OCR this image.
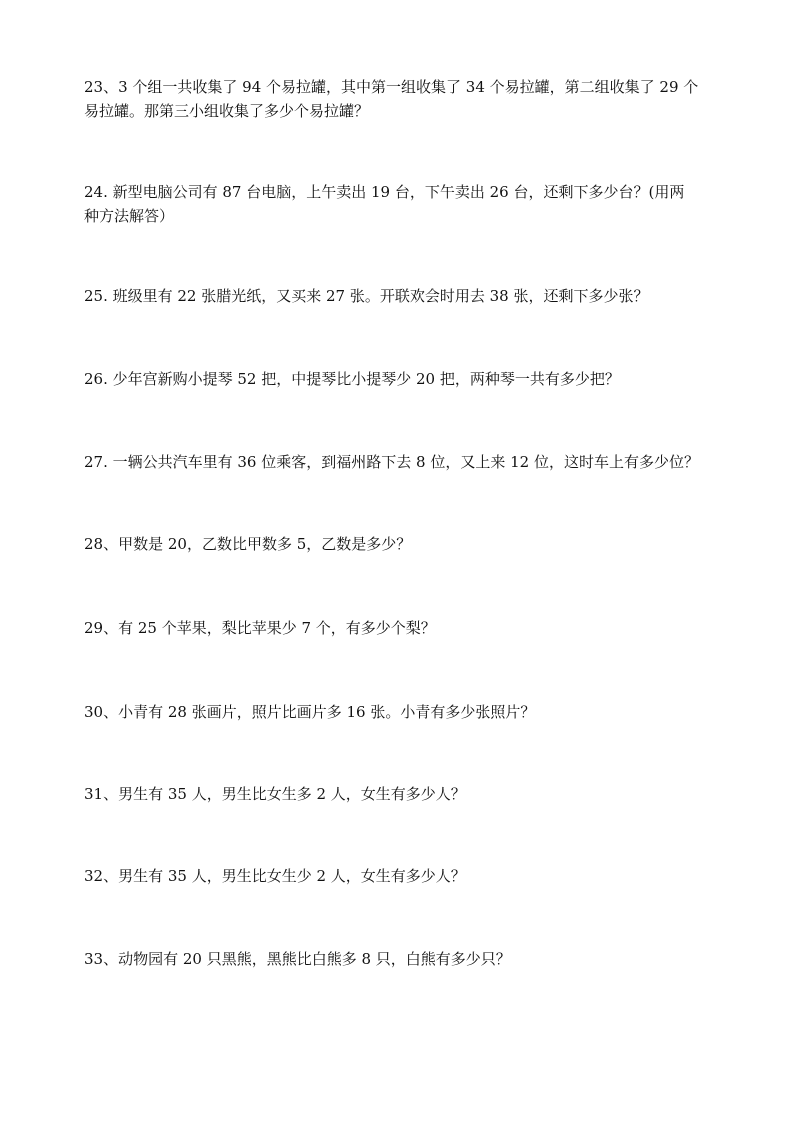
23、3 个组一共收集了 94 个易拉罐，其中第一组收集了 34 个易拉罐，第二组收集了 29 个
易拉罐。那第三小组收集了多少个易拉罐？
24. 新型电脑公司有 87 台电脑，上午卖出 19 台，下午卖出 26 台，还剩下多少台？(用两
种方法解答）
25. 班级里有 22 张腊光纸，又买来 27 张。开联欢会时用去 38 张，还剩下多少张？
26. 少年宫新购小提琴 52 把，中提琴比小提琴少 20 把，两种琴一共有多少把？
27. 一辆公共汽车里有 36 位乘客，到福州路下去 8 位，又上来 12 位，这时车上有多少位？
28、甲数是 20，乙数比甲数多 5，乙数是多少？
29、有 25 个苹果，梨比苹果少 7 个，有多少个梨？
30、小青有 28 张画片，照片比画片多 16 张。小青有多少张照片？
31、男生有 35 人，男生比女生多 2 人，女生有多少人？
32、男生有 35 人，男生比女生少 2 人，女生有多少人？
33、动物园有 20 只黑熊，黑熊比白熊多 8 只，白熊有多少只？
